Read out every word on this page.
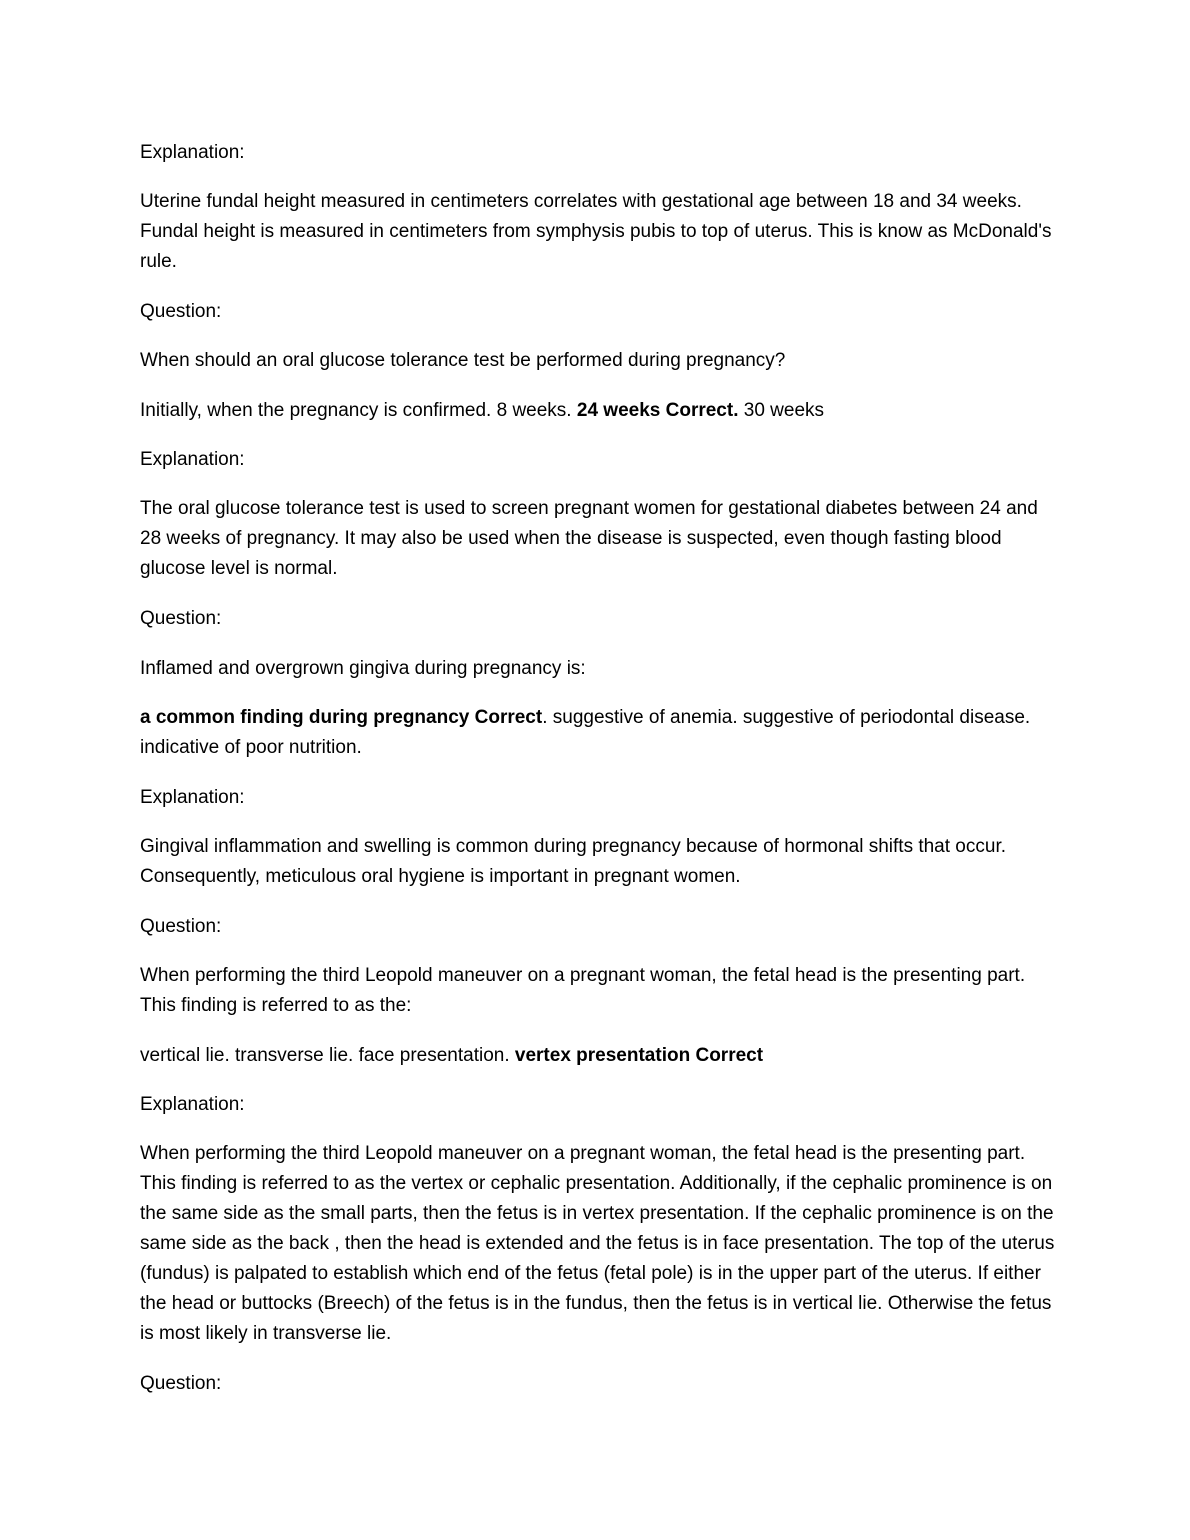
Explanation:

Uterine fundal height measured in centimeters correlates with gestational age between 18 and 34 weeks. Fundal height is measured in centimeters from symphysis pubis to top of uterus. This is know as McDonald's rule.

Question:

When should an oral glucose tolerance test be performed during pregnancy?

Initially, when the pregnancy is confirmed. 8 weeks. 24 weeks Correct. 30 weeks

Explanation:

The oral glucose tolerance test is used to screen pregnant women for gestational diabetes between 24 and 28 weeks of pregnancy. It may also be used when the disease is suspected, even though fasting blood glucose level is normal.

Question:

Inflamed and overgrown gingiva during pregnancy is:

a common finding during pregnancy Correct. suggestive of anemia. suggestive of periodontal disease. indicative of poor nutrition.

Explanation:

Gingival inflammation and swelling is common during pregnancy because of hormonal shifts that occur. Consequently, meticulous oral hygiene is important in pregnant women.

Question:

When performing the third Leopold maneuver on a pregnant woman, the fetal head is the presenting part. This finding is referred to as the:

vertical lie. transverse lie. face presentation. vertex presentation Correct

Explanation:

When performing the third Leopold maneuver on a pregnant woman, the fetal head is the presenting part. This finding is referred to as the vertex or cephalic presentation. Additionally, if the cephalic prominence is on the same side as the small parts, then the fetus is in vertex presentation. If the cephalic prominence is on the same side as the back , then the head is extended and the fetus is in face presentation. The top of the uterus (fundus) is palpated to establish which end of the fetus (fetal pole) is in the upper part of the uterus. If either the head or buttocks (Breech) of the fetus is in the fundus, then the fetus is in vertical lie. Otherwise the fetus is most likely in transverse lie.

Question:
